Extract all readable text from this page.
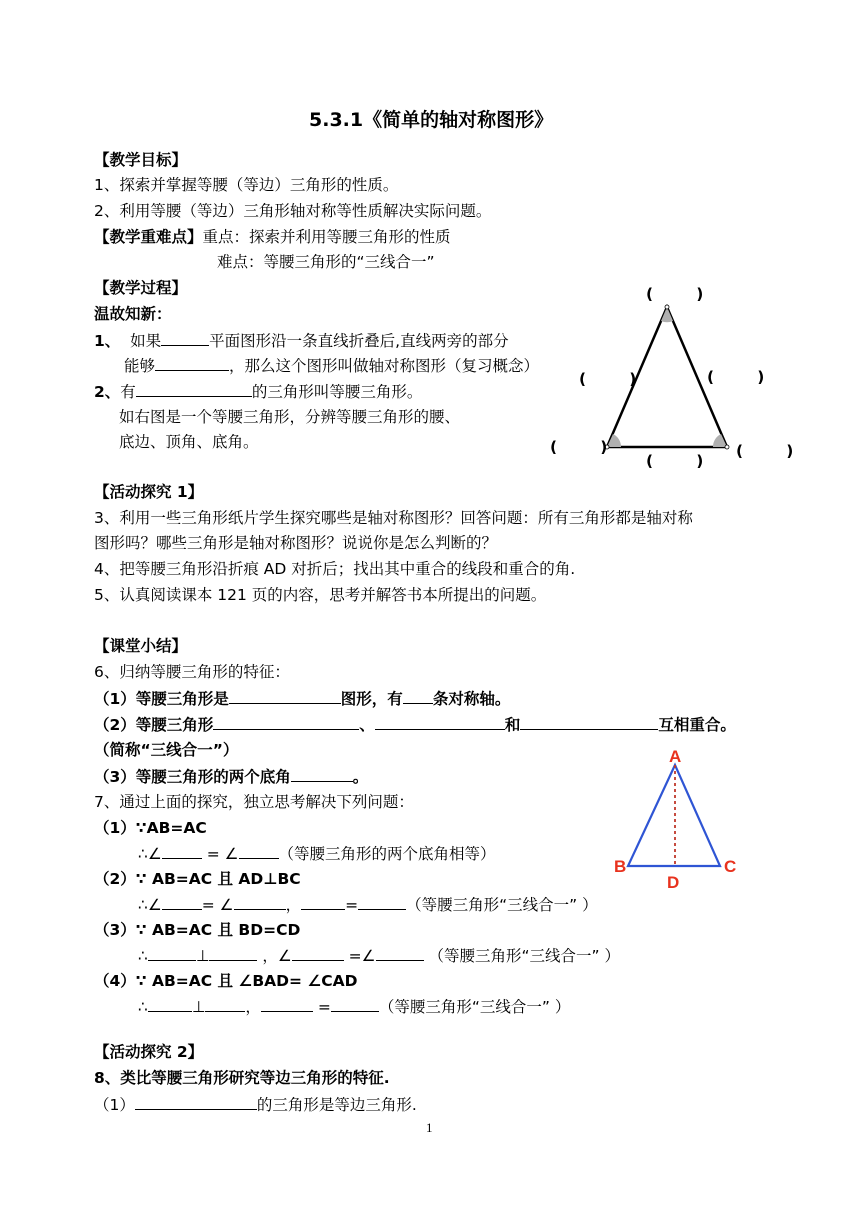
5.3.1《简单的轴对称图形》
【教学目标】
1、探索并掌握等腰（等边）三角形的性质。
2、利用等腰（等边）三角形轴对称等性质解决实际问题。
【教学重难点】重点：探索并利用等腰三角形的性质
难点：等腰三角形的“三线合一”
【教学过程】
温故知新：
1、 如果	平面图形沿一条直线折叠后,直线两旁的部分
能够	，那么这个图形叫做轴对称图形（复习概念）
2、有	的三角形叫等腰三角形。
如右图是一个等腰三角形，分辨等腰三角形的腰、
底边、顶角、底角。
(        )
(        )	(        )
(        )	(        )
(        )
【活动探究 1】
3、利用一些三角形纸片学生探究哪些是轴对称图形？回答问题：所有三角形都是轴对称
图形吗？哪些三角形是轴对称图形？说说你是怎么判断的？
4、把等腰三角形沿折痕 AD 对折后；找出其中重合的线段和重合的角.
5、认真阅读课本 121 页的内容，思考并解答书本所提出的问题。
【课堂小结】
6、归纳等腰三角形的特征：
（1）等腰三角形是	图形，有 条对称轴。
（2）等腰三角形	、	和	互相重合。
（简称“三线合一”）
（3）等腰三角形的两个底角	。
7、通过上面的探究，独立思考解决下列问题：
（1）∵AB=AC
∴∠	= ∠	（等腰三角形的两个底角相等）
（2）∵ AB=AC 且 AD⊥BC
∴∠	= ∠	，	=	（等腰三角形“三线合一” ）
（3）∵ AB=AC 且 BD=CD
∴	⊥	，∠	=∠	（等腰三角形“三线合一” ）
（4）∵ AB=AC 且 ∠BAD= ∠CAD
∴	⊥	，	=	（等腰三角形“三线合一” ）
A
B	C
D
【活动探究 2】
8、类比等腰三角形研究等边三角形的特征.
（1）	的三角形是等边三角形.
1
